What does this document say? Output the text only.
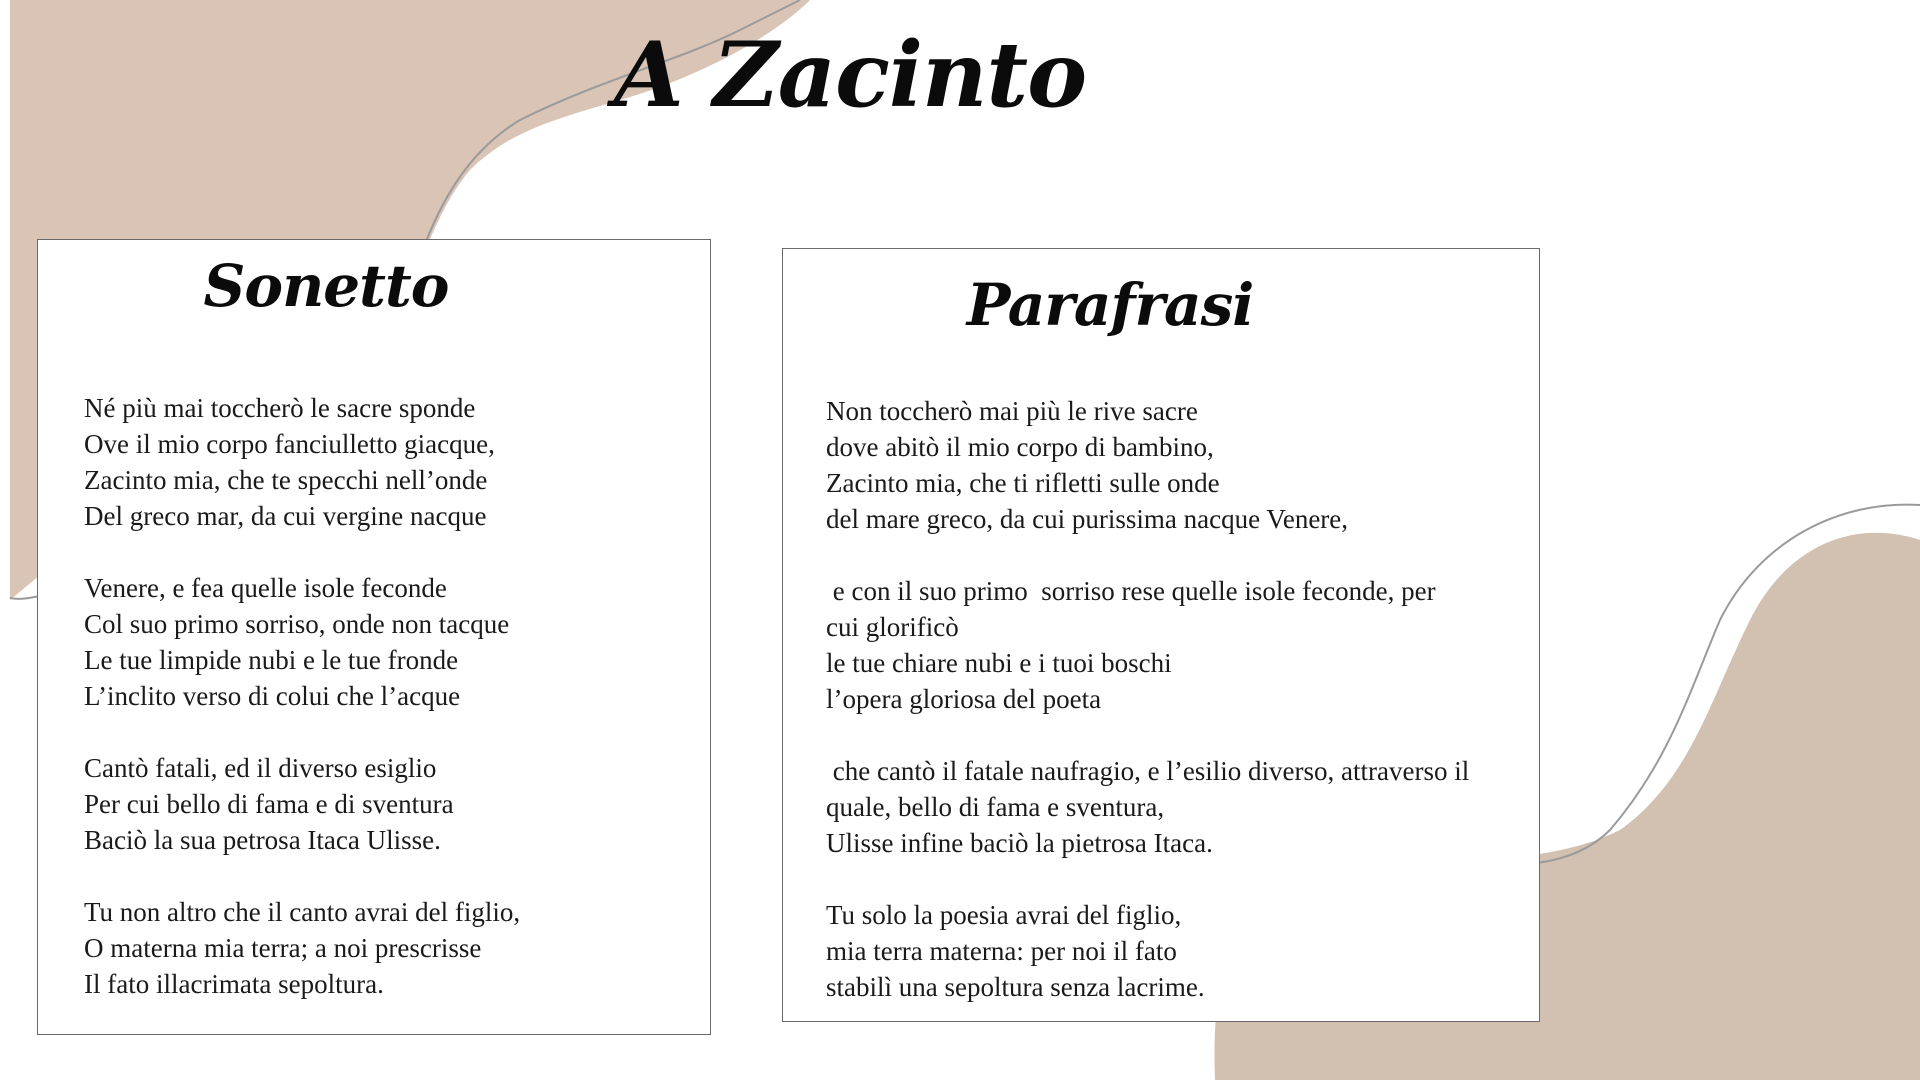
A Zacinto
Sonetto

Né più mai toccherò le sacre sponde
Ove il mio corpo fanciulletto giacque,
Zacinto mia, che te specchi nell’onde
Del greco mar, da cui vergine nacque

Venere, e fea quelle isole feconde
Col suo primo sorriso, onde non tacque
Le tue limpide nubi e le tue fronde
L’inclito verso di colui che l’acque

Cantò fatali, ed il diverso esiglio
Per cui bello di fama e di sventura
Baciò la sua petrosa Itaca Ulisse.

Tu non altro che il canto avrai del figlio,
O materna mia terra; a noi prescrisse
Il fato illacrimata sepoltura.

Parafrasi

Non toccherò mai più le rive sacre
dove abitò il mio corpo di bambino,
Zacinto mia, che ti rifletti sulle onde
del mare greco, da cui purissima nacque Venere,

e con il suo primo  sorriso rese quelle isole feconde, per
cui glorificò
le tue chiare nubi e i tuoi boschi
l’opera gloriosa del poeta

che cantò il fatale naufragio, e l’esilio diverso, attraverso il
quale, bello di fama e sventura,
Ulisse infine baciò la pietrosa Itaca.

Tu solo la poesia avrai del figlio,
mia terra materna: per noi il fato
stabilì una sepoltura senza lacrime.
